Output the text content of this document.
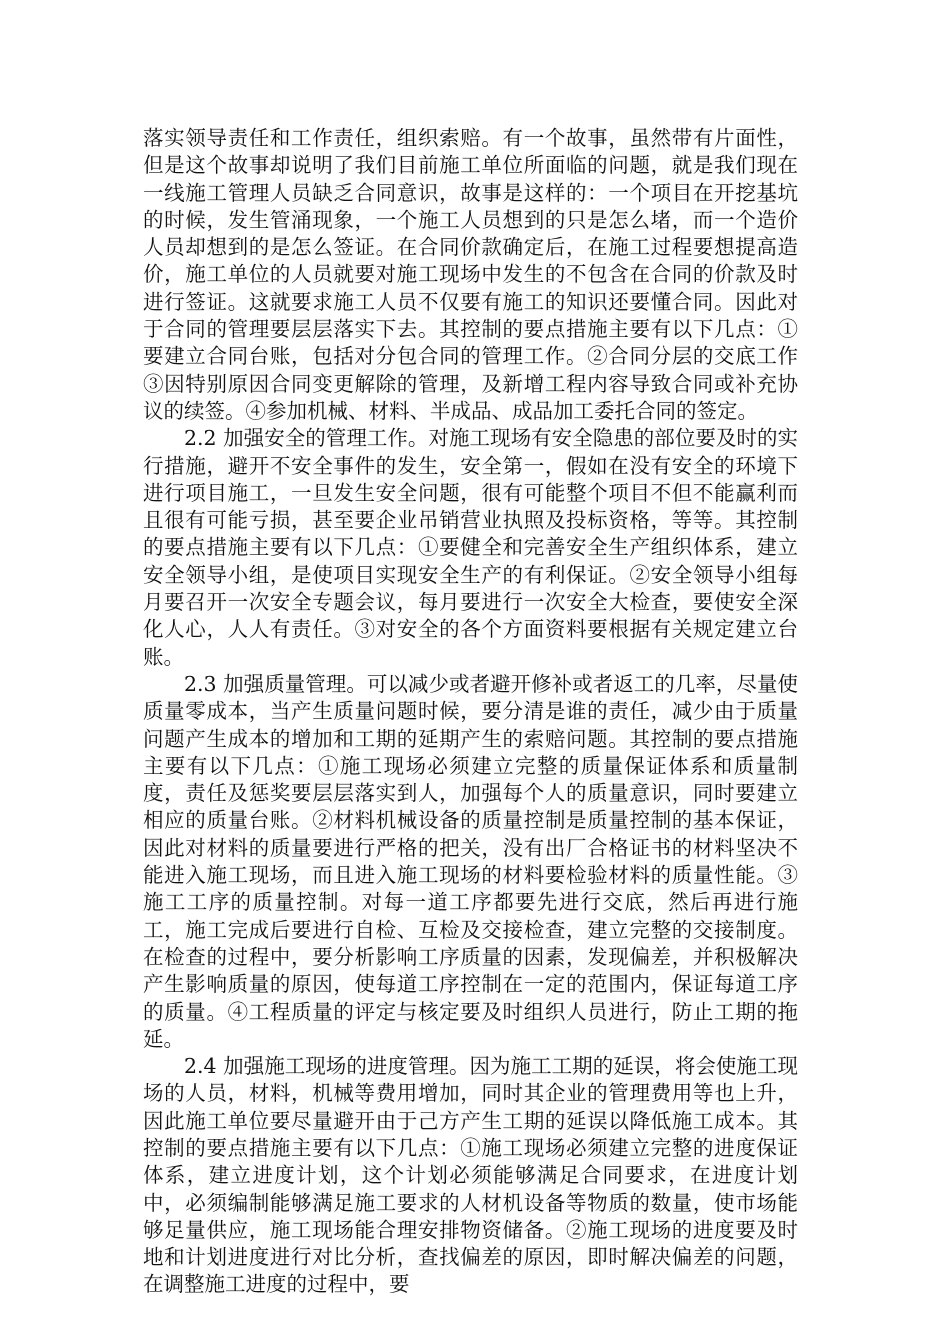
落实领导责任和工作责任，组织索赔。有一个故事，虽然带有片面性，但是这个故事却说明了我们目前施工单位所面临的问题，就是我们现在一线施工管理人员缺乏合同意识，故事是这样的：一个项目在开挖基坑的时候，发生管涌现象，一个施工人员想到的只是怎么堵，而一个造价人员却想到的是怎么签证。在合同价款确定后，在施工过程要想提高造价，施工单位的人员就要对施工现场中发生的不包含在合同的价款及时进行签证。这就要求施工人员不仅要有施工的知识还要懂合同。因此对于合同的管理要层层落实下去。其控制的要点措施主要有以下几点：①要建立合同台账，包括对分包合同的管理工作。②合同分层的交底工作③因特别原因合同变更解除的管理，及新增工程内容导致合同或补充协议的续签。④参加机械、材料、半成品、成品加工委托合同的签定。

2.2 加强安全的管理工作。对施工现场有安全隐患的部位要及时的实行措施，避开不安全事件的发生，安全第一，假如在没有安全的环境下进行项目施工，一旦发生安全问题，很有可能整个项目不但不能赢利而且很有可能亏损，甚至要企业吊销营业执照及投标资格，等等。其控制的要点措施主要有以下几点：①要健全和完善安全生产组织体系，建立安全领导小组，是使项目实现安全生产的有利保证。②安全领导小组每月要召开一次安全专题会议，每月要进行一次安全大检查，要使安全深化人心，人人有责任。③对安全的各个方面资料要根据有关规定建立台账。

2.3 加强质量管理。可以减少或者避开修补或者返工的几率，尽量使质量零成本，当产生质量问题时候，要分清是谁的责任，减少由于质量问题产生成本的增加和工期的延期产生的索赔问题。其控制的要点措施主要有以下几点：①施工现场必须建立完整的质量保证体系和质量制度，责任及惩奖要层层落实到人，加强每个人的质量意识，同时要建立相应的质量台账。②材料机械设备的质量控制是质量控制的基本保证，因此对材料的质量要进行严格的把关，没有出厂合格证书的材料坚决不能进入施工现场，而且进入施工现场的材料要检验材料的质量性能。③施工工序的质量控制。对每一道工序都要先进行交底，然后再进行施工，施工完成后要进行自检、互检及交接检查，建立完整的交接制度。在检查的过程中，要分析影响工序质量的因素，发现偏差，并积极解决产生影响质量的原因，使每道工序控制在一定的范围内，保证每道工序的质量。④工程质量的评定与核定要及时组织人员进行，防止工期的拖延。

2.4 加强施工现场的进度管理。因为施工工期的延误，将会使施工现场的人员，材料，机械等费用增加，同时其企业的管理费用等也上升，因此施工单位要尽量避开由于己方产生工期的延误以降低施工成本。其控制的要点措施主要有以下几点：①施工现场必须建立完整的进度保证体系，建立进度计划，这个计划必须能够满足合同要求，在进度计划中，必须编制能够满足施工要求的人材机设备等物质的数量，使市场能够足量供应，施工现场能合理安排物资储备。②施工现场的进度要及时地和计划进度进行对比分析，查找偏差的原因，即时解决偏差的问题，在调整施工进度的过程中，要
